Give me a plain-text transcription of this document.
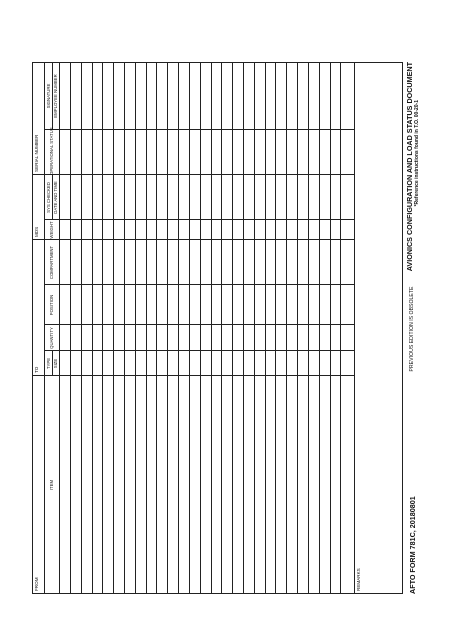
FROM
TO
MDS
SERIAL NUMBER
ITEM
TYPE SIZE
QUANTITY
POSITION
COMPARTMENT
WEIGHT
SYS CHECKED DATE AND TIME
OPERATIONAL STATUS
SIGNATURE EMPLOYEE NUMBER
REMARKS	AFTO FORM 781C, 20180801
PREVIOUS EDITION IS OBSOLETE
AVIONICS CONFIGURATION AND LOAD STATUS DOCUMENT *Reference instructions found in T.O. 00-20-1
